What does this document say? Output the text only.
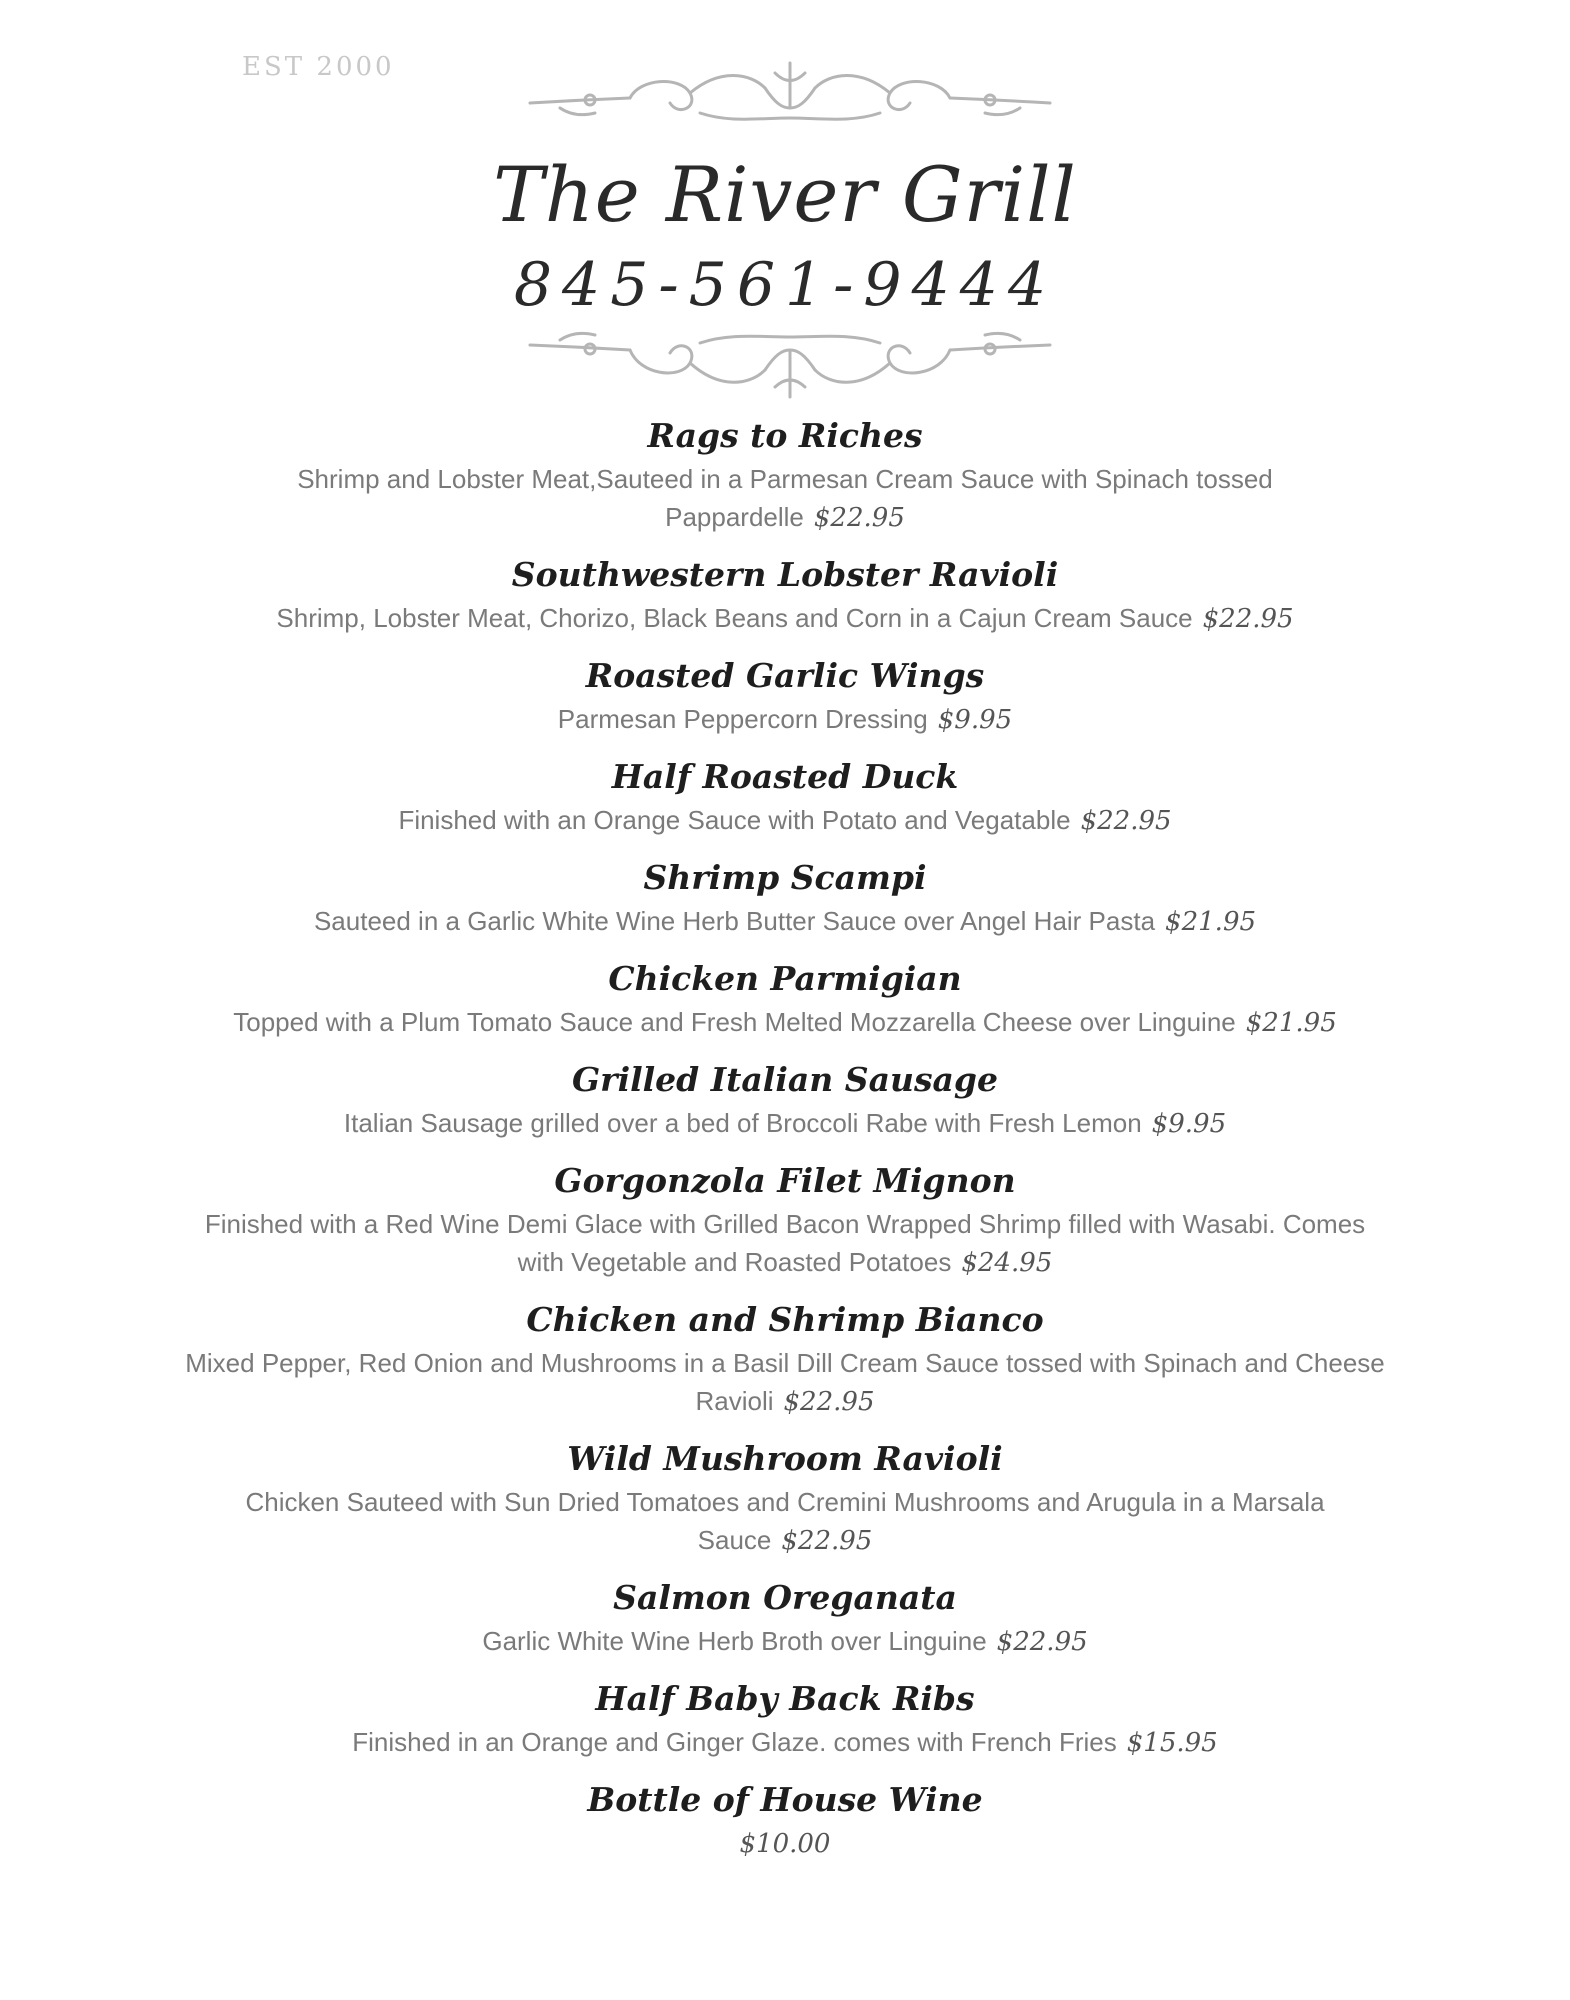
EST 2000
The River Grill
845-561-9444
Rags to Riches
Shrimp and Lobster Meat,Sauteed in a Parmesan Cream Sauce with Spinach tossed Pappardelle $22.95
Southwestern Lobster Ravioli
Shrimp, Lobster Meat, Chorizo, Black Beans and Corn in a Cajun Cream Sauce $22.95
Roasted Garlic Wings
Parmesan Peppercorn Dressing $9.95
Half Roasted Duck
Finished with an Orange Sauce with Potato and Vegatable $22.95
Shrimp Scampi
Sauteed in a Garlic White Wine Herb Butter Sauce over Angel Hair Pasta $21.95
Chicken Parmigian
Topped with a Plum Tomato Sauce and Fresh Melted Mozzarella Cheese over Linguine $21.95
Grilled Italian Sausage
Italian Sausage grilled over a bed of Broccoli Rabe with Fresh Lemon $9.95
Gorgonzola Filet Mignon
Finished with a Red Wine Demi Glace with Grilled Bacon Wrapped Shrimp filled with Wasabi. Comes with Vegetable and Roasted Potatoes $24.95
Chicken and Shrimp Bianco
Mixed Pepper, Red Onion and Mushrooms in a Basil Dill Cream Sauce tossed with Spinach and Cheese Ravioli $22.95
Wild Mushroom Ravioli
Chicken Sauteed with Sun Dried Tomatoes and Cremini Mushrooms and Arugula in a Marsala Sauce $22.95
Salmon Oreganata
Garlic White Wine Herb Broth over Linguine $22.95
Half Baby Back Ribs
Finished in an Orange and Ginger Glaze. comes with French Fries $15.95
Bottle of House Wine
$10.00
